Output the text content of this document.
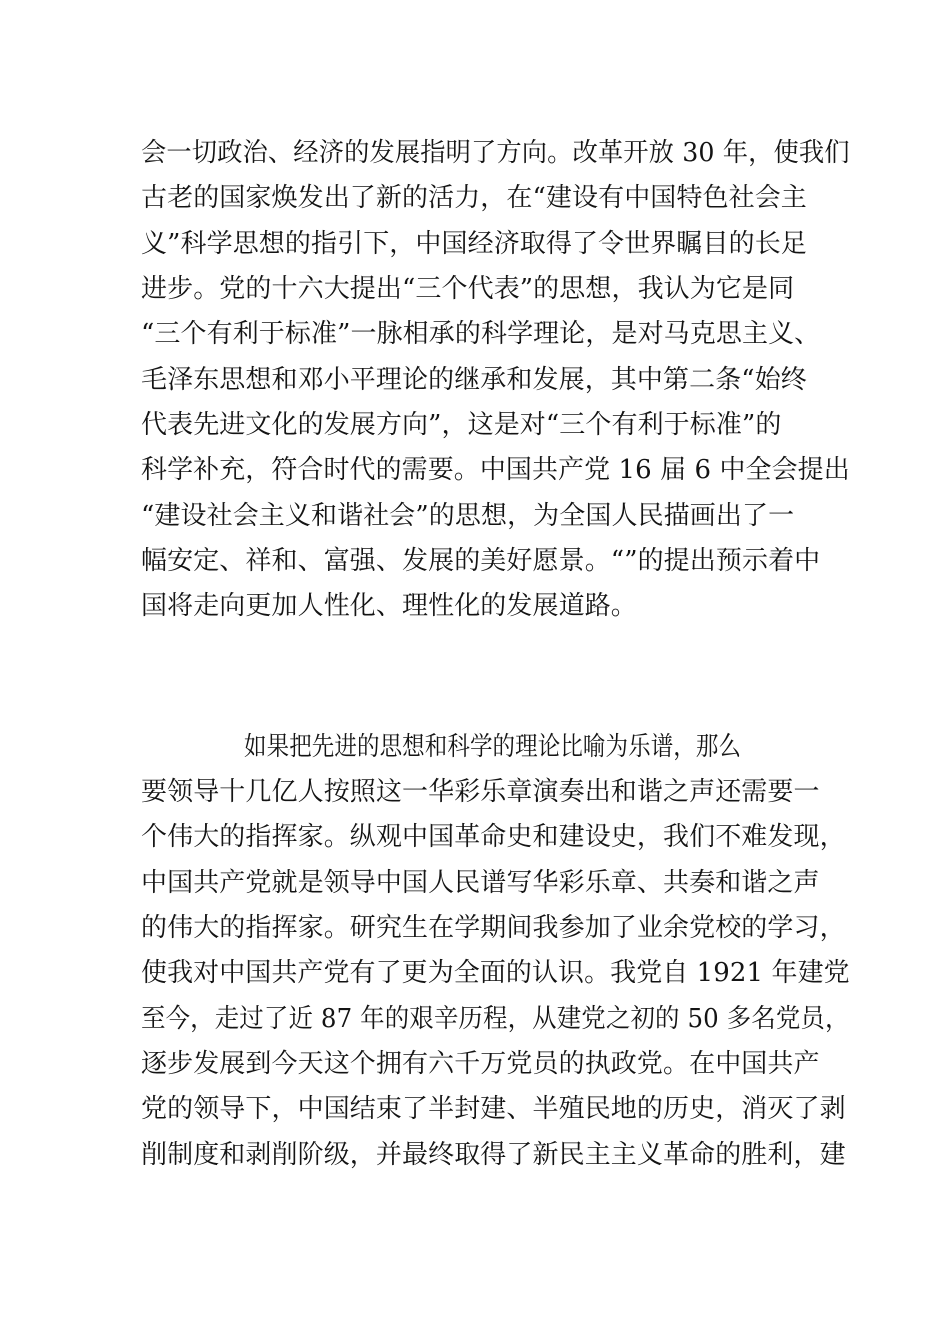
会一切政治、经济的发展指明了方向。改革开放 30 年，使我们
古老的国家焕发出了新的活力，在“建设有中国特色社会主
义”科学思想的指引下，中国经济取得了令世界瞩目的长足
进步。党的十六大提出“三个代表”的思想，我认为它是同
“三个有利于标准”一脉相承的科学理论，是对马克思主义、
毛泽东思想和邓小平理论的继承和发展，其中第二条“始终
代表先进文化的发展方向”，这是对“三个有利于标准”的
科学补充，符合时代的需要。中国共产党 16 届 6 中全会提出
“建设社会主义和谐社会”的思想，为全国人民描画出了一
幅安定、祥和、富强、发展的美好愿景。“”的提出预示着中
国将走向更加人性化、理性化的发展道路。
如果把先进的思想和科学的理论比喻为乐谱，那么
要领导十几亿人按照这一华彩乐章演奏出和谐之声还需要一
个伟大的指挥家。纵观中国革命史和建设史，我们不难发现，
中国共产党就是领导中国人民谱写华彩乐章、共奏和谐之声
的伟大的指挥家。研究生在学期间我参加了业余党校的学习，
使我对中国共产党有了更为全面的认识。我党自 1921 年建党
至今，走过了近 87 年的艰辛历程，从建党之初的 50 多名党员，
逐步发展到今天这个拥有六千万党员的执政党。在中国共产
党的领导下，中国结束了半封建、半殖民地的历史，消灭了剥
削制度和剥削阶级，并最终取得了新民主主义革命的胜利，建
